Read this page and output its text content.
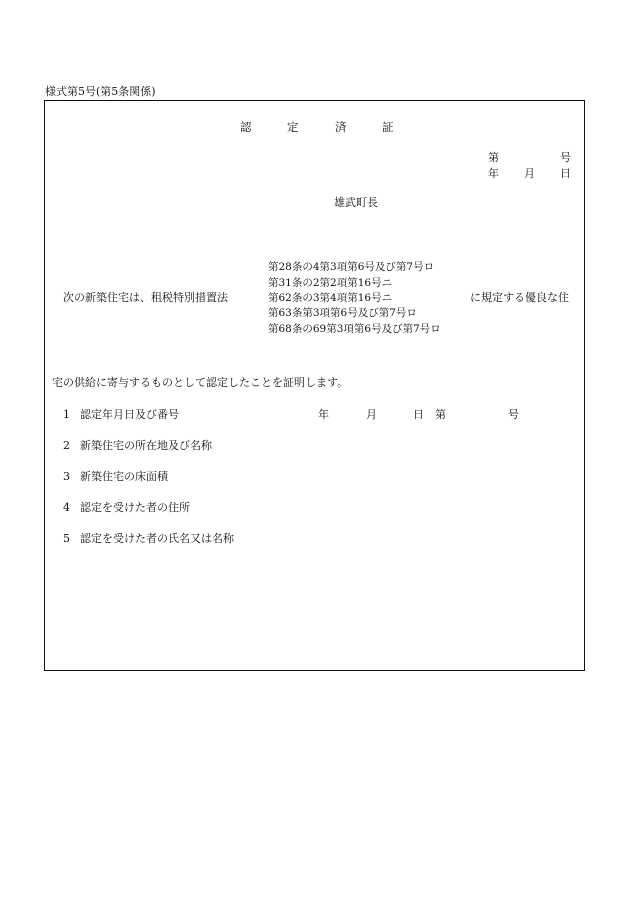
様式第5号(第5条関係)
認	定	済	証
第	号
年 月 日
雄武町長
次の新築住宅は、租税特別措置法
第28条の4第3項第6号及び第7号ロ
第31条の2第2項第16号ニ
第62条の3第4項第16号ニ
第63条第3項第6号及び第7号ロ
第68条の69第3項第6号及び第7号ロ
に規定する優良な住
宅の供給に寄与するものとして認定したことを証明します。
1 認定年月日及び番号	年	月	日 第	号
2 新築住宅の所在地及び名称
3 新築住宅の床面積
4 認定を受けた者の住所
5 認定を受けた者の氏名又は名称
